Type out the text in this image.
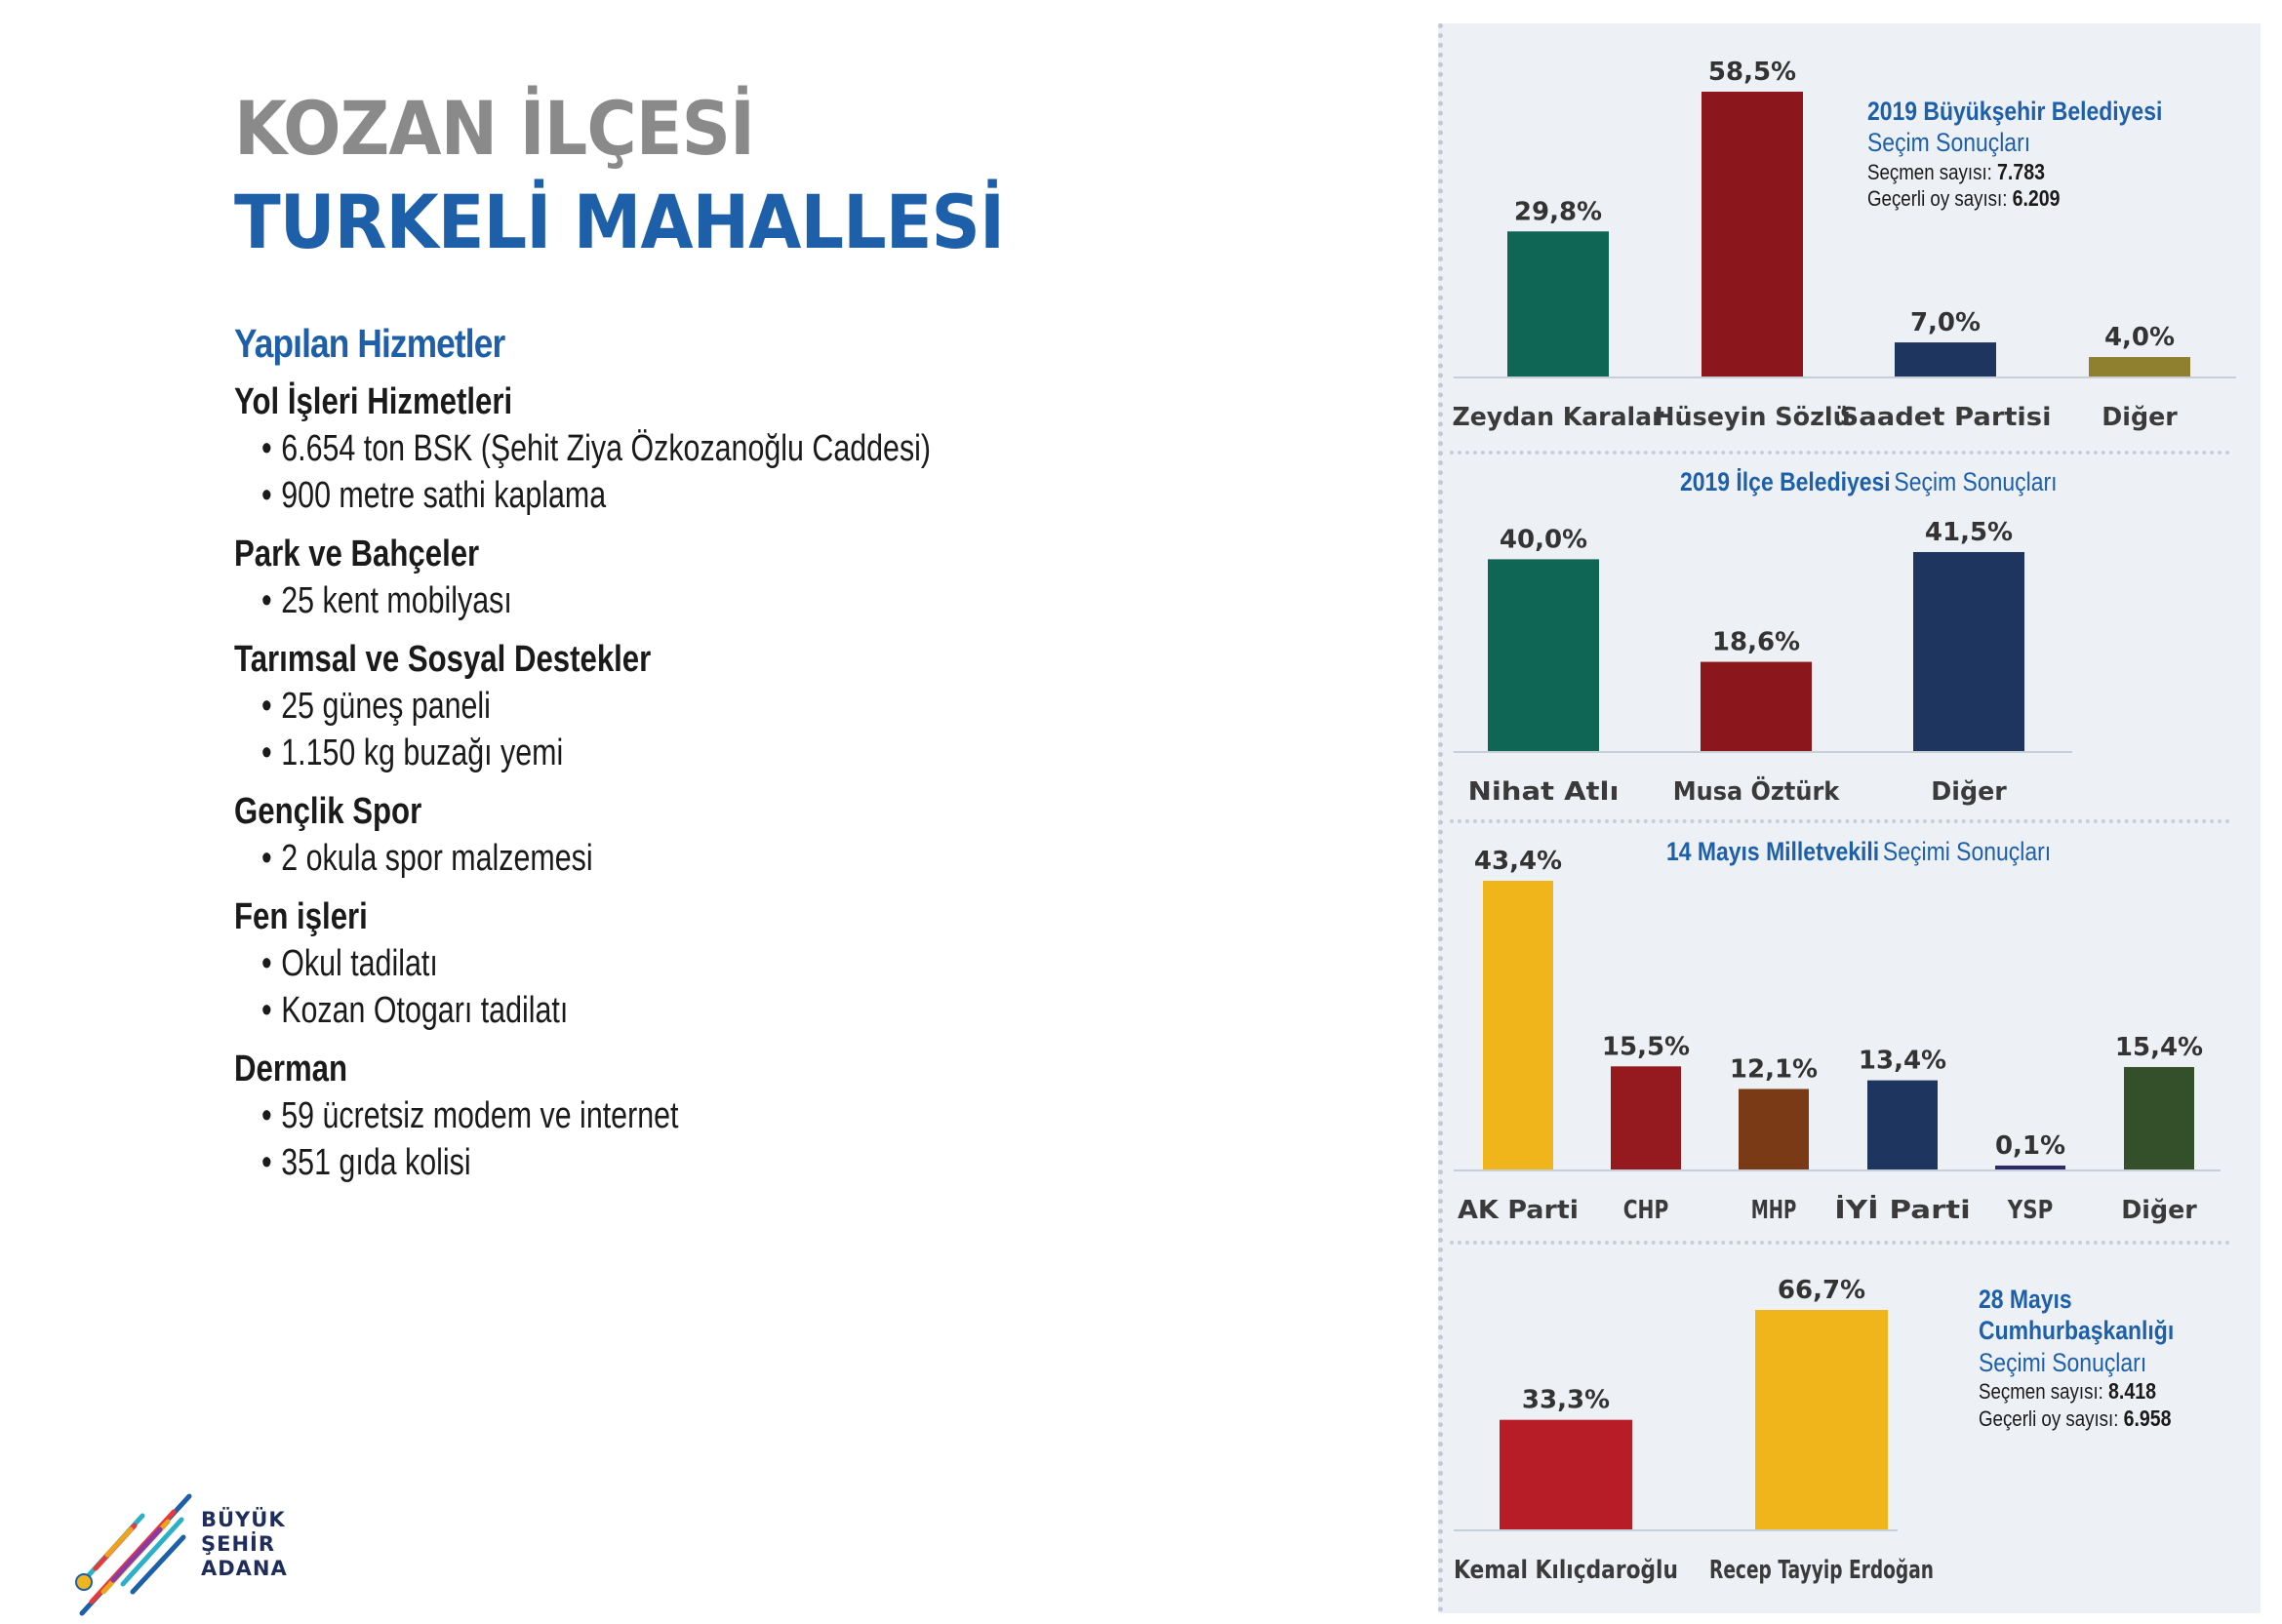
KOZAN İLÇESİ
TURKELİ MAHALLESİ
Yapılan Hizmetler
Yol İşleri Hizmetleri
• 6.654 ton BSK (Şehit Ziya Özkozanoğlu Caddesi)
• 900 metre sathi kaplama
Park ve Bahçeler
• 25 kent mobilyası
Tarımsal ve Sosyal Destekler
• 25 güneş paneli
• 1.150 kg buzağı yemi
Gençlik Spor
• 2 okula spor malzemesi
Fen işleri
• Okul tadilatı
• Kozan Otogarı tadilatı
Derman
• 59 ücretsiz modem ve internet
• 351 gıda kolisi
BÜYÜK
ŞEHİR
ADANA
2019 Büyükşehir Belediyesi
Seçim Sonuçları
Seçmen sayısı: 7.783
Geçerli oy sayısı: 6.209
2019 İlçe Belediyesi Seçim Sonuçları
14 Mayıs Milletvekili Seçimi Sonuçları
28 Mayıs Cumhurbaşkanlığı
Seçimi Sonuçları
Seçmen sayısı: 8.418
Geçerli oy sayısı: 6.958
29,8%
Zeydan Karalar
58,5%
Hüseyin Sözlü
7,0%
Saadet Partisi
4,0%
Diğer
40,0%
Nihat Atlı
18,6%
Musa Öztürk
41,5%
Diğer
43,4%
AK Parti
15,5%
CHP
12,1%
MHP
13,4%
İYİ Parti
0,1%
YSP
15,4%
Diğer
33,3%
Kemal Kılıçdaroğlu
66,7%
Recep Tayyip Erdoğan
